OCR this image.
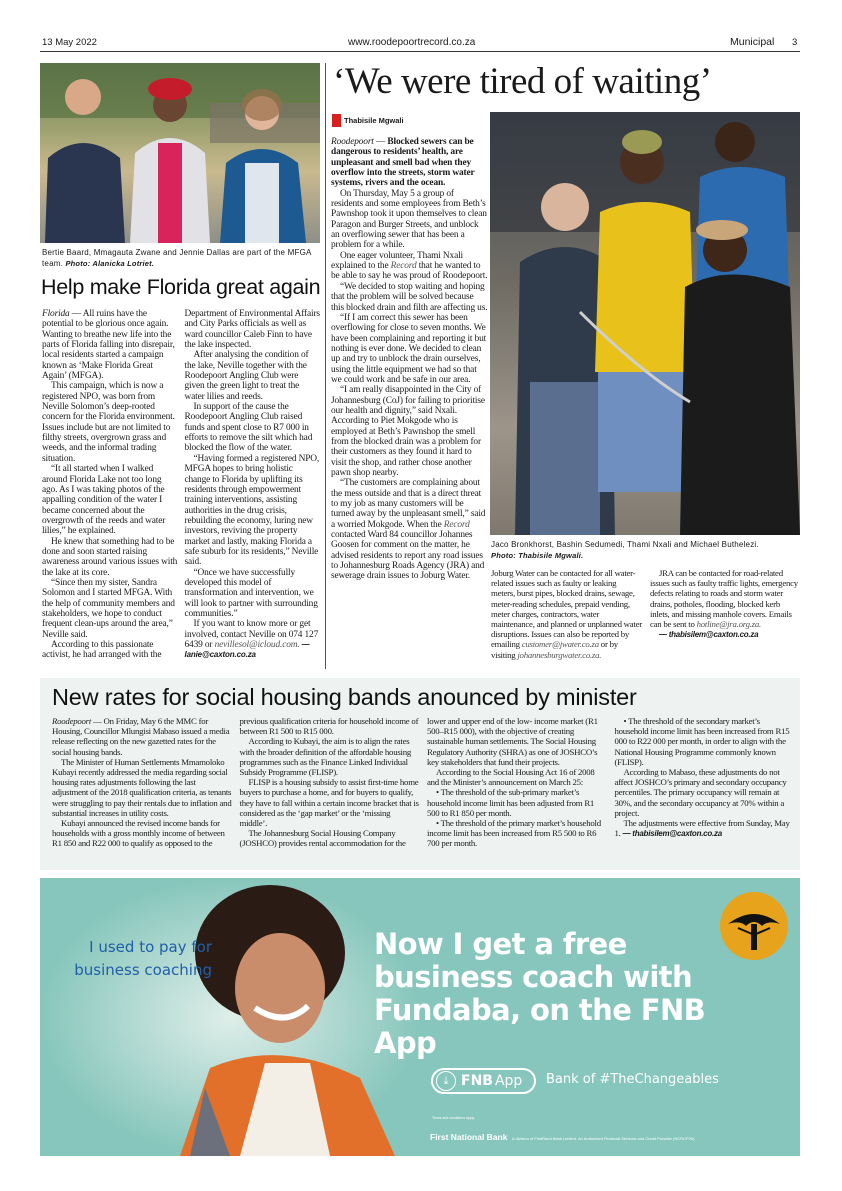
13 May 2022	www.roodepoortrecord.co.za	Municipal 3
Bertie Baard, Mmagauta Zwane and Jennie Dallas are part of the MFGA team. Photo: Alanicka Lotriet.
Help make Florida great again

Florida — All ruins have the potential to be glorious once again. Wanting to breathe new life into the parts of Florida falling into disrepair, local residents started a campaign known as ‘Make Florida Great Again’ (MFGA).

This campaign, which is now a registered NPO, was born from Neville Solomon’s deep-rooted concern for the Florida environment. Issues include but are not limited to filthy streets, overgrown grass and weeds, and the informal trading situation.

“It all started when I walked around Florida Lake not too long ago. As I was taking photos of the appalling condition of the water I became concerned about the overgrowth of the reeds and water lilies,” he explained.

He knew that something had to be done and soon started raising awareness around various issues with the lake at its core.

“Since then my sister, Sandra Solomon and I started MFGA. With the help of community members and stakeholders, we hope to conduct frequent clean-ups around the area,” Neville said.

According to this passionate activist, he had arranged with the Department of Environmental Affairs and City Parks officials as well as ward councillor Caleb Finn to have the lake inspected.

After analysing the condition of the lake, Neville together with the Roodepoort Angling Club were given the green light to treat the water lilies and reeds.

In support of the cause the Roodepoort Angling Club raised funds and spent close to R7 000 in efforts to remove the silt which had blocked the flow of the water.

“Having formed a registered NPO, MFGA hopes to bring holistic change to Florida by uplifting its residents through empowerment training interventions, assisting authorities in the drug crisis, rebuilding the economy, luring new investors, reviving the property market and lastly, making Florida a safe suburb for its residents,” Neville said.

“Once we have successfully developed this model of transformation and intervention, we will look to partner with surrounding communities.”

If you want to know more or get involved, contact Neville on 074 127 6439 or nevillesol@icloud.com. — lanie@caxton.co.za

‘We were tired of waiting’
Thabisile Mgwali

Roodepoort — Blocked sewers can be dangerous to residents’ health, are unpleasant and smell bad when they overflow into the streets, storm water systems, rivers and the ocean.

On Thursday, May 5 a group of residents and some employees from Beth’s Pawnshop took it upon themselves to clean Paragon and Burger Streets, and unblock an overflowing sewer that has been a problem for a while.

One eager volunteer, Thami Nxali explained to the Record that he wanted to be able to say he was proud of Roodepoort.

“We decided to stop waiting and hoping that the problem will be solved because this blocked drain and filth are affecting us.

“If I am correct this sewer has been overflowing for close to seven months. We have been complaining and reporting it but nothing is ever done. We decided to clean up and try to unblock the drain ourselves, using the little equipment we had so that we could work and be safe in our area.

“I am really disappointed in the City of Johannesburg (CoJ) for failing to prioritise our health and dignity,” said Nxali. According to Piet Mokgode who is employed at Beth’s Pawnshop the smell from the blocked drain was a problem for their customers as they found it hard to visit the shop, and rather chose another pawn shop nearby.

“The customers are complaining about the mess outside and that is a direct threat to my job as many customers will be turned away by the unpleasant smell,” said a worried Mokgode. When the Record contacted Ward 84 councillor Johannes Goosen for comment on the matter, he advised residents to report any road issues to Johannesburg Roads Agency (JRA) and sewerage drain issues to Joburg Water.

Jaco Bronkhorst, Bashin Sedumedi, Thami Nxali and Michael Buthelezi.
Photo: Thabisile Mgwali.

Joburg Water can be contacted for all water-related issues such as faulty or leaking meters, burst pipes, blocked drains, sewage, meter-reading schedules, prepaid vending, meter charges, contractors, water maintenance, and planned or unplanned water disruptions. Issues can also be reported by emailing customer@jwater.co.za or by visiting johannesburgwater.co.za.

JRA can be contacted for road-related issues such as faulty traffic lights, emergency defects relating to roads and storm water drains, potholes, flooding, blocked kerb inlets, and missing manhole covers. Emails can be sent to hotline@jra.org.za.

— thabisilem@caxton.co.za

New rates for social housing bands anounced by minister

Roodepoort — On Friday, May 6 the MMC for Housing, Councillor Mlungisi Mabaso issued a media release reflecting on the new gazetted rates for the social housing bands.

The Minister of Human Settlements Mmamoloko Kubayi recently addressed the media regarding social housing rates adjustments following the last adjustment of the 2018 qualification criteria, as tenants were struggling to pay their rentals due to inflation and substantial increases in utility costs.

Kubayi announced the revised income bands for households with a gross monthly income of between R1 850 and R22 000 to qualify as opposed to the previous qualification criteria for household income of between R1 500 to R15 000.

According to Kubayi, the aim is to align the rates with the broader definition of the affordable housing programmes such as the Finance Linked Individual Subsidy Programme (FLISP).

FLISP is a housing subsidy to assist first-time home buyers to purchase a home, and for buyers to qualify, they have to fall within a certain income bracket that is considered as the ‘gap market’ or the ‘missing middle’.

The Johannesburg Social Housing Company (JOSHCO) provides rental accommodation for the lower and upper end of the low- income market (R1 500–R15 000), with the objective of creating sustainable human settlements. The Social Housing Regulatory Authority (SHRA) as one of JOSHCO’s key stakeholders that fund their projects.

According to the Social Housing Act 16 of 2008 and the Minister’s announcement on March 25:

• The threshold of the sub-primary market’s household income limit has been adjusted from R1 500 to R1 850 per month.

• The threshold of the primary market’s household income limit has been increased from R5 500 to R6 700 per month.

• The threshold of the secondary market’s household income limit has been increased from R15 000 to R22 000 per month, in order to align with the National Housing Programme commonly known (FLISP).

According to Mabaso, these adjustments do not affect JOSHCO’s primary and secondary occupancy percentiles. The primary occupancy will remain at 30%, and the secondary occupancy at 70% within a project.

The adjustments were effective from Sunday, May 1. — thabisilem@caxton.co.za

I used to pay for business coaching
Now I get a free business coach with Fundaba, on the FNB App
⤓ FNB App Bank of #TheChangeables
Terms and conditions apply.
First National Bank A division of FirstRand Bank Limited. An Authorised Financial Services and Credit Provider (NCRCP20).
